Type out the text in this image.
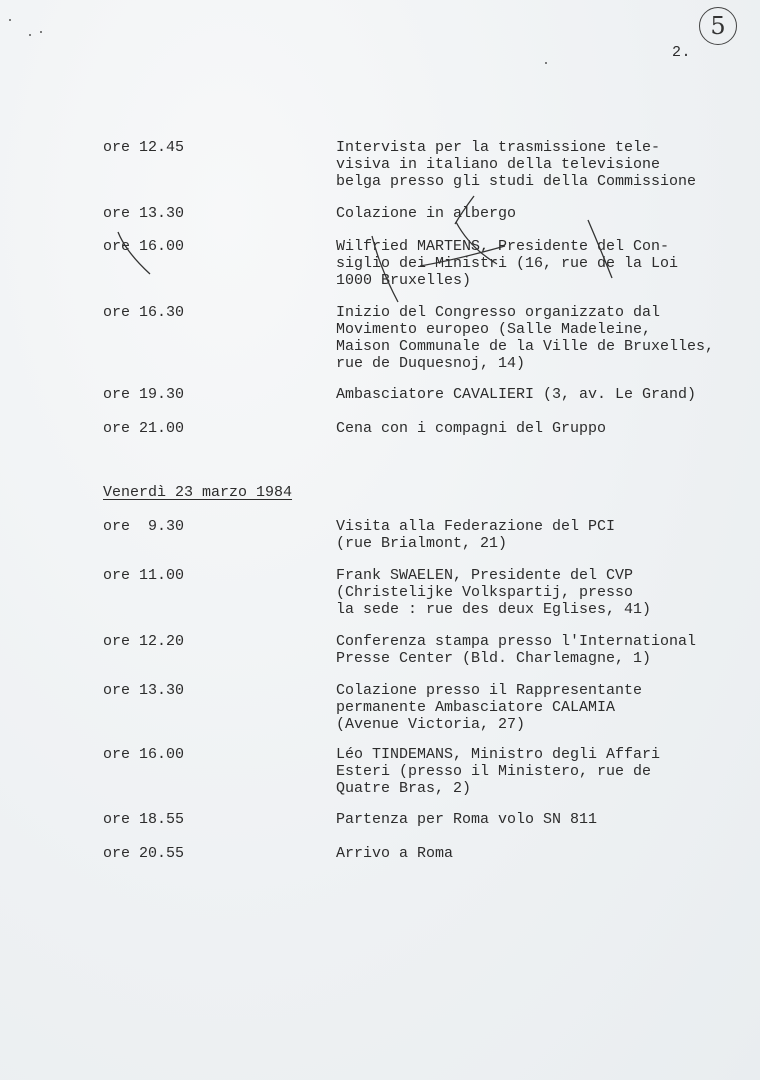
5
2.
ore 12.45	Intervista per la trasmissione tele-
visiva in italiano della televisione
belga presso gli studi della Commissione
ore 13.30	Colazione in albergo
ore 16.00	Wilfried MARTENS, Presidente del Con-
siglio dei Ministri (16, rue de la Loi
1000 Bruxelles)
ore 16.30	Inizio del Congresso organizzato dal
Movimento europeo (Salle Madeleine,
Maison Communale de la Ville de Bruxelles,
rue de Duquesnoj, 14)
ore 19.30	Ambasciatore CAVALIERI (3, av. Le Grand)
ore 21.00	Cena con i compagni del Gruppo
Venerdì 23 marzo 1984
ore  9.30	Visita alla Federazione del PCI
(rue Brialmont, 21)
ore 11.00	Frank SWAELEN, Presidente del CVP
(Christelijke Volkspartij, presso
la sede : rue des deux Eglises, 41)
ore 12.20	Conferenza stampa presso l'International
Presse Center (Bld. Charlemagne, 1)
ore 13.30	Colazione presso il Rappresentante
permanente Ambasciatore CALAMIA
(Avenue Victoria, 27)
ore 16.00	Léo TINDEMANS, Ministro degli Affari
Esteri (presso il Ministero, rue de
Quatre Bras, 2)
ore 18.55	Partenza per Roma volo SN 811
ore 20.55	Arrivo a Roma
